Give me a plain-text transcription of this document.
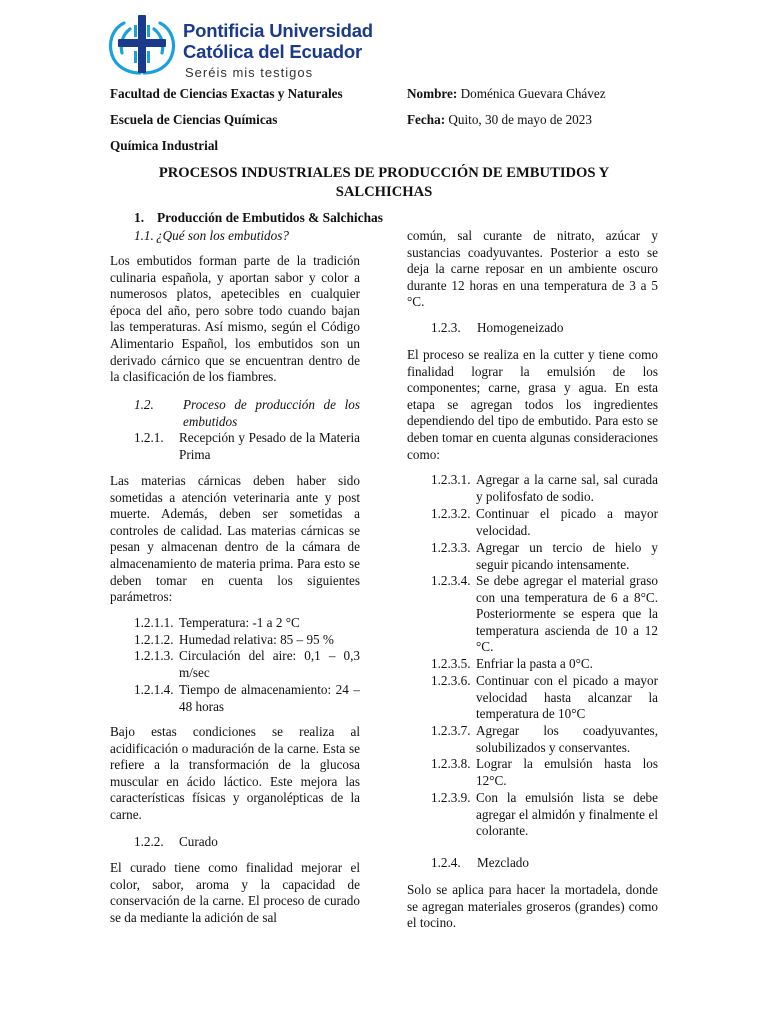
Pontificia Universidad
Católica del Ecuador
Seréis mis testigos
Facultad de Ciencias Exactas y Naturales
Escuela de Ciencias Químicas
Química Industrial
Nombre: Doménica Guevara Chávez
Fecha: Quito, 30 de mayo de 2023
PROCESOS INDUSTRIALES DE PRODUCCIÓN DE EMBUTIDOS Y SALCHICHAS
1. Producción de Embutidos & Salchichas
1.1. ¿Qué son los embutidos?
Los embutidos forman parte de la tradición culinaria española, y aportan sabor y color a numerosos platos, apetecibles en cualquier época del año, pero sobre todo cuando bajan las temperaturas. Así mismo, según el Código Alimentario Español, los embutidos son un derivado cárnico que se encuentran dentro de la clasificación de los fiambres.
1.2. Proceso de producción de los embutidos
1.2.1. Recepción y Pesado de la Materia Prima
Las materias cárnicas deben haber sido sometidas a atención veterinaria ante y post muerte. Además, deben ser sometidas a controles de calidad. Las materias cárnicas se pesan y almacenan dentro de la cámara de almacenamiento de materia prima. Para esto se deben tomar en cuenta los siguientes parámetros:
1.2.1.1. Temperatura: -1 a 2 °C
1.2.1.2. Humedad relativa: 85 – 95 %
1.2.1.3. Circulación del aire: 0,1 – 0,3 m/sec
1.2.1.4. Tiempo de almacenamiento: 24 – 48 horas
Bajo estas condiciones se realiza al acidificación o maduración de la carne. Esta se refiere a la transformación de la glucosa muscular en ácido láctico. Este mejora las características físicas y organolépticas de la carne.
1.2.2. Curado
El curado tiene como finalidad mejorar el color, sabor, aroma y la capacidad de conservación de la carne. El proceso de curado se da mediante la adición de sal
común, sal curante de nitrato, azúcar y sustancias coadyuvantes. Posterior a esto se deja la carne reposar en un ambiente oscuro durante 12 horas en una temperatura de 3 a 5 °C.
1.2.3. Homogeneizado
El proceso se realiza en la cutter y tiene como finalidad lograr la emulsión de los componentes; carne, grasa y agua. En esta etapa se agregan todos los ingredientes dependiendo del tipo de embutido. Para esto se deben tomar en cuenta algunas consideraciones como:
1.2.3.1. Agregar a la carne sal, sal curada y polifosfato de sodio.
1.2.3.2. Continuar el picado a mayor velocidad.
1.2.3.3. Agregar un tercio de hielo y seguir picando intensamente.
1.2.3.4. Se debe agregar el material graso con una temperatura de 6 a 8°C. Posteriormente se espera que la temperatura ascienda de 10 a 12 °C.
1.2.3.5. Enfriar la pasta a 0°C.
1.2.3.6. Continuar con el picado a mayor velocidad hasta alcanzar la temperatura de 10°C
1.2.3.7. Agregar los coadyuvantes, solubilizados y conservantes.
1.2.3.8. Lograr la emulsión hasta los 12°C.
1.2.3.9. Con la emulsión lista se debe agregar el almidón y finalmente el colorante.
1.2.4. Mezclado
Solo se aplica para hacer la mortadela, donde se agregan materiales groseros (grandes) como el tocino.
